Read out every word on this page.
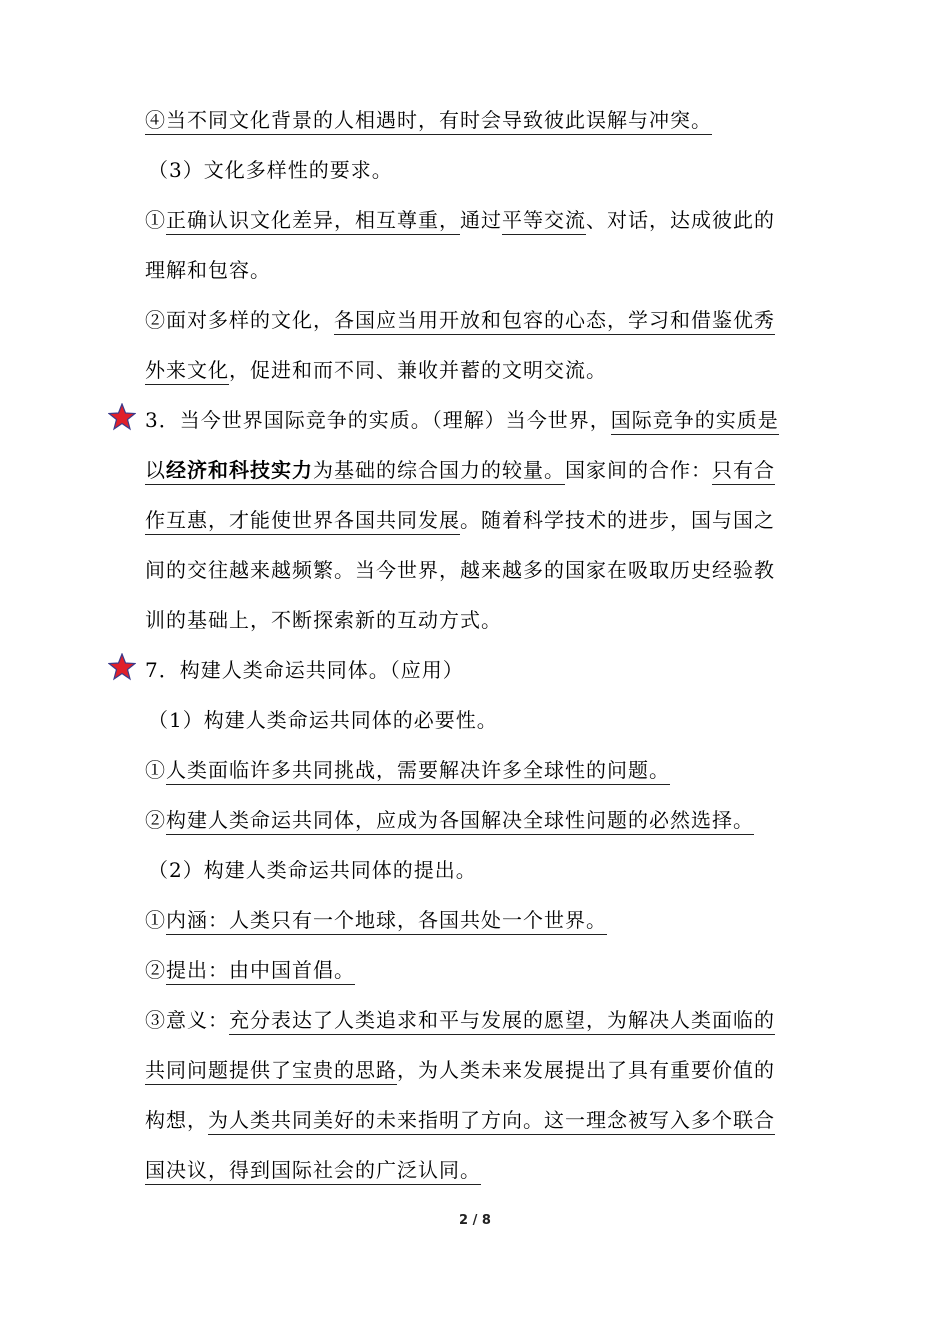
④当不同文化背景的人相遇时，有时会导致彼此误解与冲突。
（3）文化多样性的要求。
①正确认识文化差异，相互尊重，通过平等交流、对话，达成彼此的
理解和包容。
②面对多样的文化，各国应当用开放和包容的心态，学习和借鉴优秀
外来文化，促进和而不同、兼收并蓄的文明交流。
3．当今世界国际竞争的实质。（理解）当今世界，国际竞争的实质是
以经济和科技实力为基础的综合国力的较量。国家间的合作：只有合
作互惠，才能使世界各国共同发展。随着科学技术的进步，国与国之
间的交往越来越频繁。当今世界，越来越多的国家在吸取历史经验教
训的基础上，不断探索新的互动方式。
7．构建人类命运共同体。（应用）
（1）构建人类命运共同体的必要性。
①人类面临许多共同挑战，需要解决许多全球性的问题。
②构建人类命运共同体，应成为各国解决全球性问题的必然选择。
（2）构建人类命运共同体的提出。
①内涵：人类只有一个地球，各国共处一个世界。
②提出：由中国首倡。
③意义：充分表达了人类追求和平与发展的愿望，为解决人类面临的
共同问题提供了宝贵的思路，为人类未来发展提出了具有重要价值的
构想，为人类共同美好的未来指明了方向。这一理念被写入多个联合
国决议，得到国际社会的广泛认同。
2 / 8
